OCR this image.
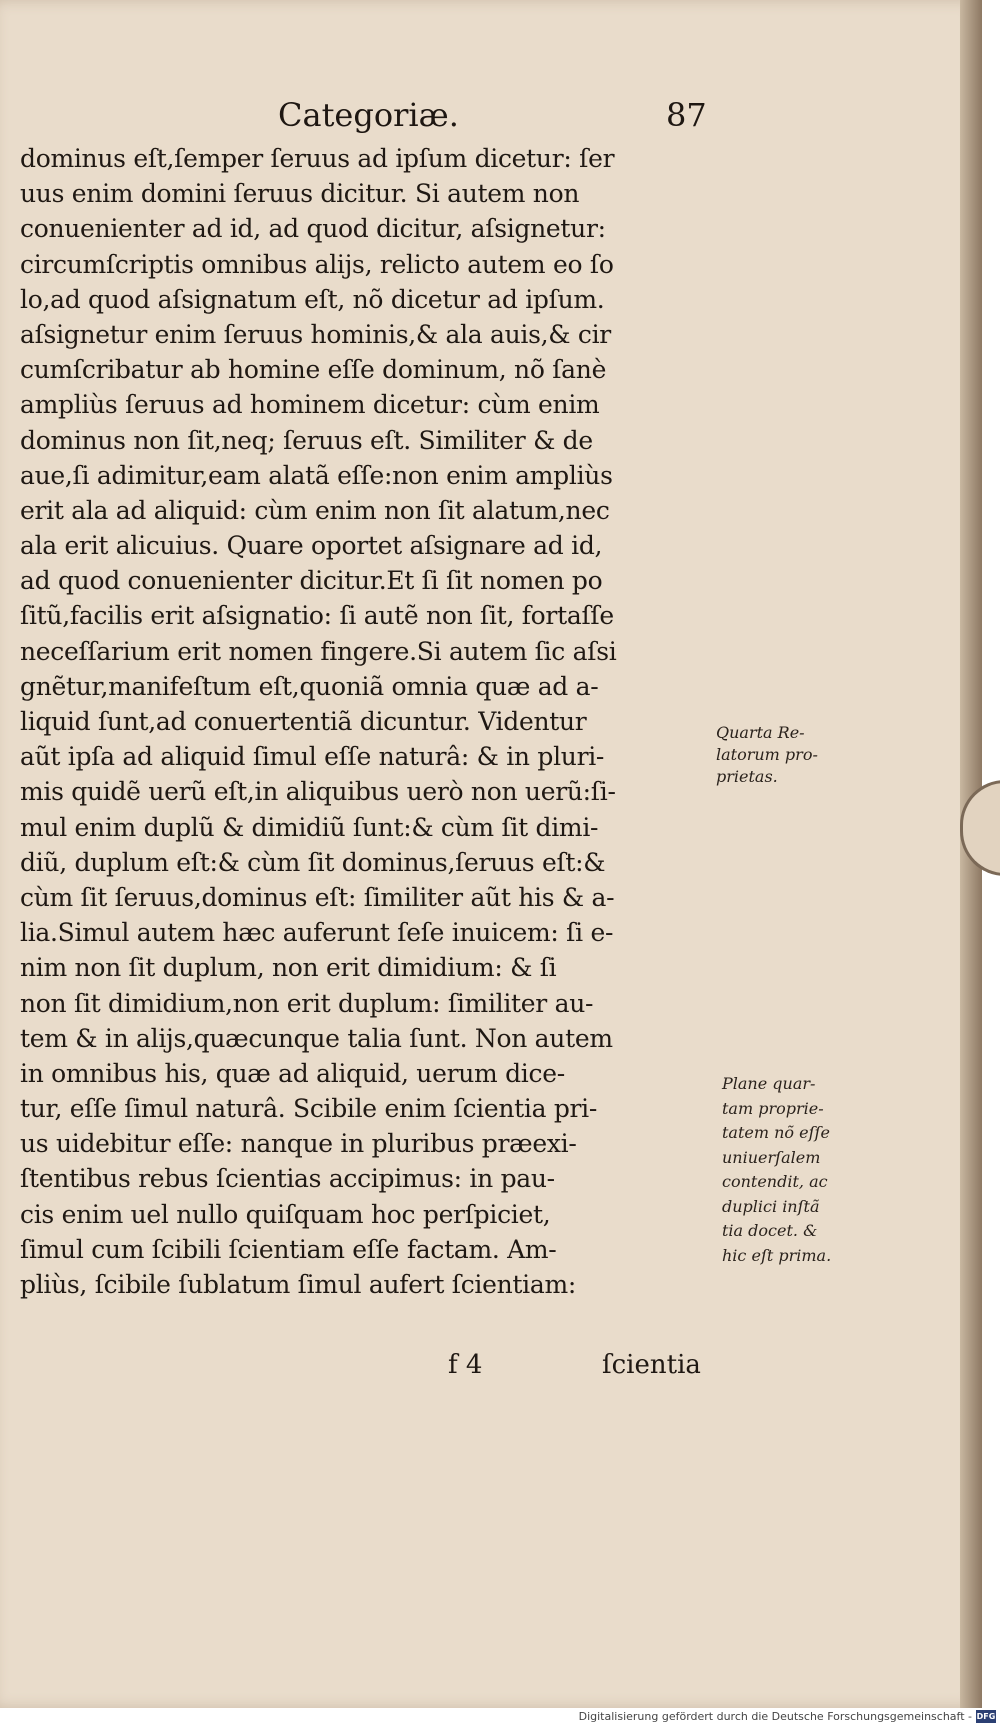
Categoriæ.	87
dominus eſt,ſemper ſeruus ad ipſum dicetur: ſer
uus enim domini ſeruus dicitur. Si autem non
conuenienter ad id, ad quod dicitur, aſsignetur:
circumſcriptis omnibus alijs, relicto autem eo ſo
lo,ad quod aſsignatum eſt, nõ dicetur ad ipſum.
aſsignetur enim ſeruus hominis,& ala auis,& cir
cumſcribatur ab homine eſſe dominum, nõ ſanè
ampliùs ſeruus ad hominem dicetur: cùm enim
dominus non ſit,neq; ſeruus eſt. Similiter & de
aue,ſi adimitur,eam alatã eſſe:non enim ampliùs
erit ala ad aliquid: cùm enim non ſit alatum,nec
ala erit alicuius. Quare oportet aſsignare ad id,
ad quod conuenienter dicitur.Et ſi ſit nomen po
ſitũ,facilis erit aſsignatio: ſi autẽ non ſit, fortaſſe
neceſſarium erit nomen fingere.Si autem ſic aſsi
gnẽtur,manifeſtum eſt,quoniã omnia quæ ad a-
liquid ſunt,ad conuertentiã dicuntur. Videntur
aũt ipſa ad aliquid ſimul eſſe naturâ: & in pluri-
mis quidẽ uerũ eſt,in aliquibus uerò non uerũ:ſi-
mul enim duplũ & dimidiũ ſunt:& cùm ſit dimi-
diũ, duplum eſt:& cùm ſit dominus,ſeruus eſt:&
cùm ſit ſeruus,dominus eſt: ſimiliter aũt his & a-
lia.Simul autem hæc auferunt ſeſe inuicem: ſi e-
nim non ſit duplum, non erit dimidium: & ſi
non ſit dimidium,non erit duplum: ſimiliter au-
tem & in alijs,quæcunque talia ſunt. Non autem
in omnibus his, quæ ad aliquid, uerum dice-
tur, eſſe ſimul naturâ. Scibile enim ſcientia pri-
us uidebitur eſſe: nanque in pluribus præexi-
ſtentibus rebus ſcientias accipimus: in pau-
cis enim uel nullo quiſquam hoc perſpiciet,
ſimul cum ſcibili ſcientiam eſſe factam. Am-
pliùs, ſcibile ſublatum ſimul aufert ſcientiam:
f 4	ſcientia
Quarta Re-
latorum pro-
prietas.
Plane quar-
tam proprie-
tatem nõ eſſe
uniuerſalem
contendit, ac
duplici inſtã
tia docet. &
hic eſt prima.
Digitalisierung gefördert durch die Deutsche Forschungsgemeinschaft - DFG
